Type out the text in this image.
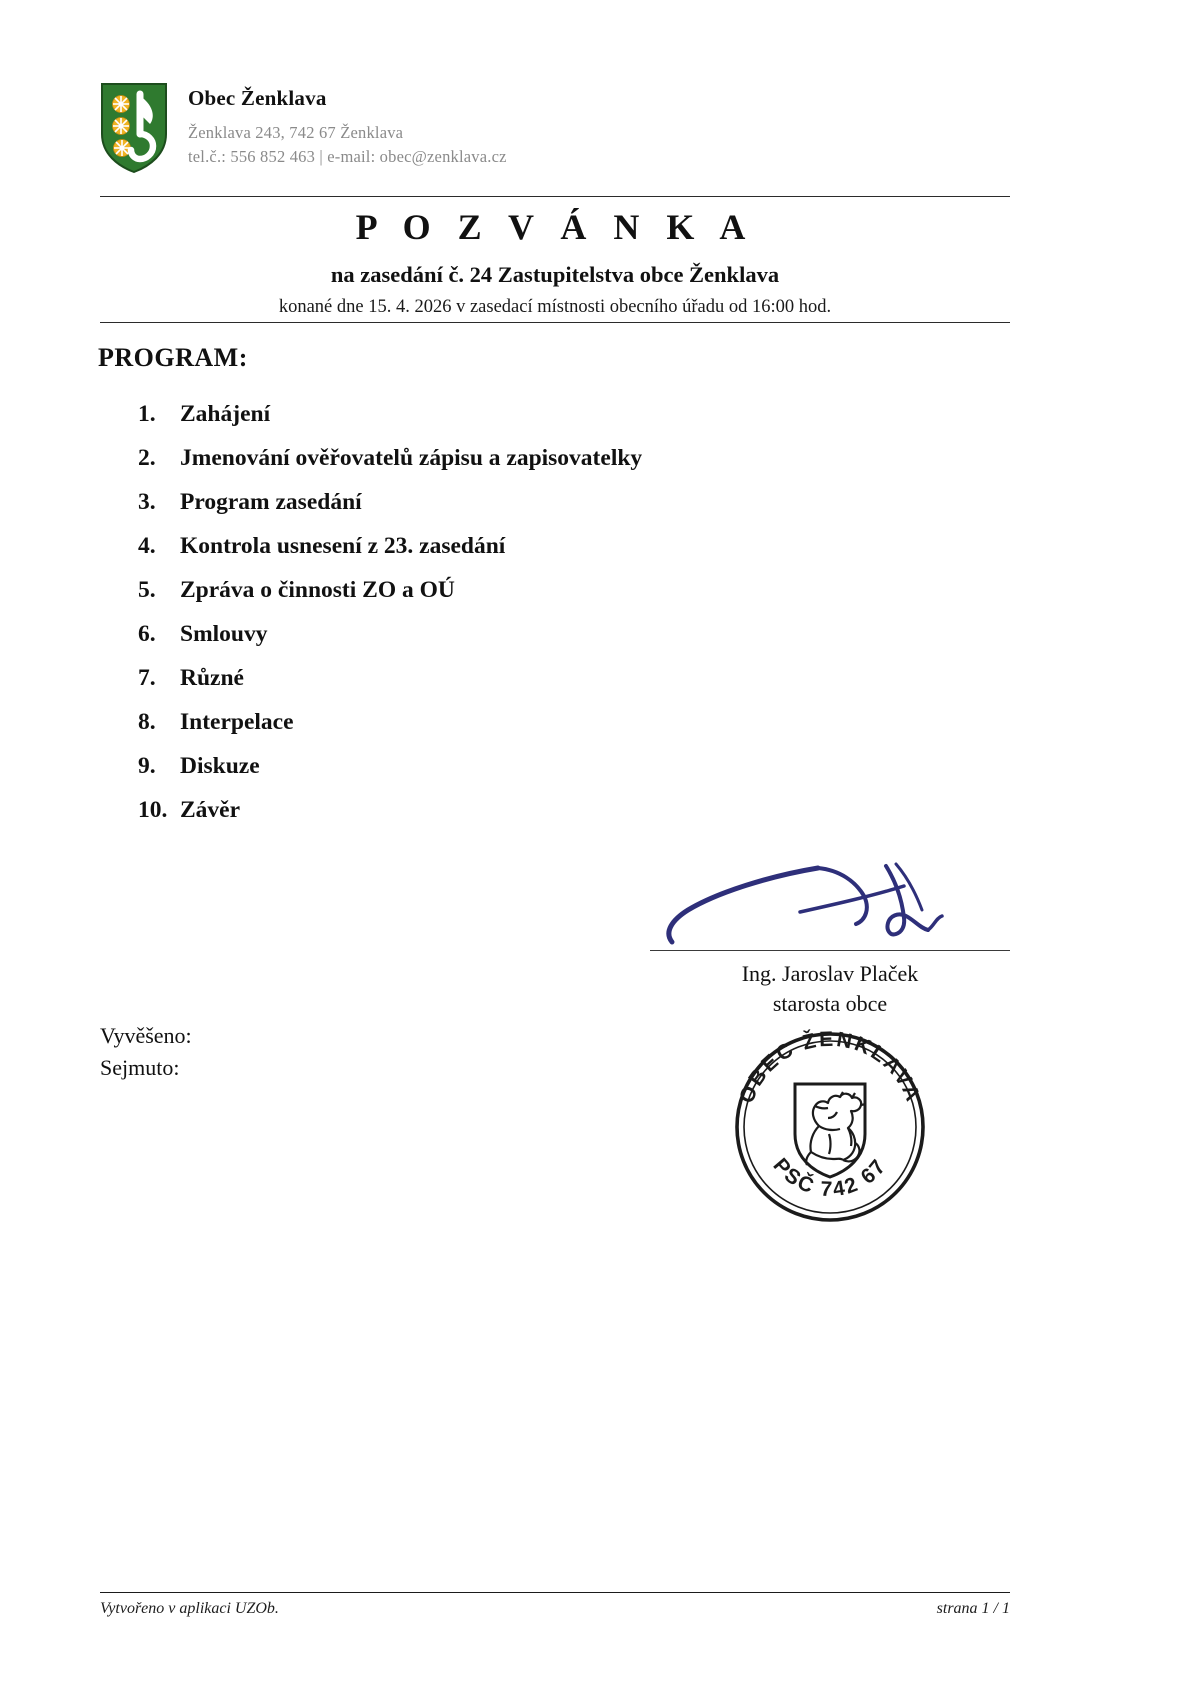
Obec Ženklava
Ženklava 243, 742 67 Ženklava
tel.č.: 556 852 463 | e-mail: obec@zenklava.cz
P O Z V Á N K A
na zasedání č. 24 Zastupitelstva obce Ženklava
konané dne 15. 4. 2026 v zasedací místnosti obecního úřadu od 16:00 hod.
PROGRAM:
1.	Zahájení
2.	Jmenování ověřovatelů zápisu a zapisovatelky
3.	Program zasedání
4.	Kontrola usnesení z 23. zasedání
5.	Zpráva o činnosti ZO a OÚ
6.	Smlouvy
7.	Různé
8.	Interpelace
9.	Diskuze
10. Závěr
Vyvěšeno:
Sejmuto:
Ing. Jaroslav Plaček
starosta obce
OBEC ŽENKLAVA
PSČ 742 67
Vytvořeno v aplikaci UZOb.	strana 1 / 1
